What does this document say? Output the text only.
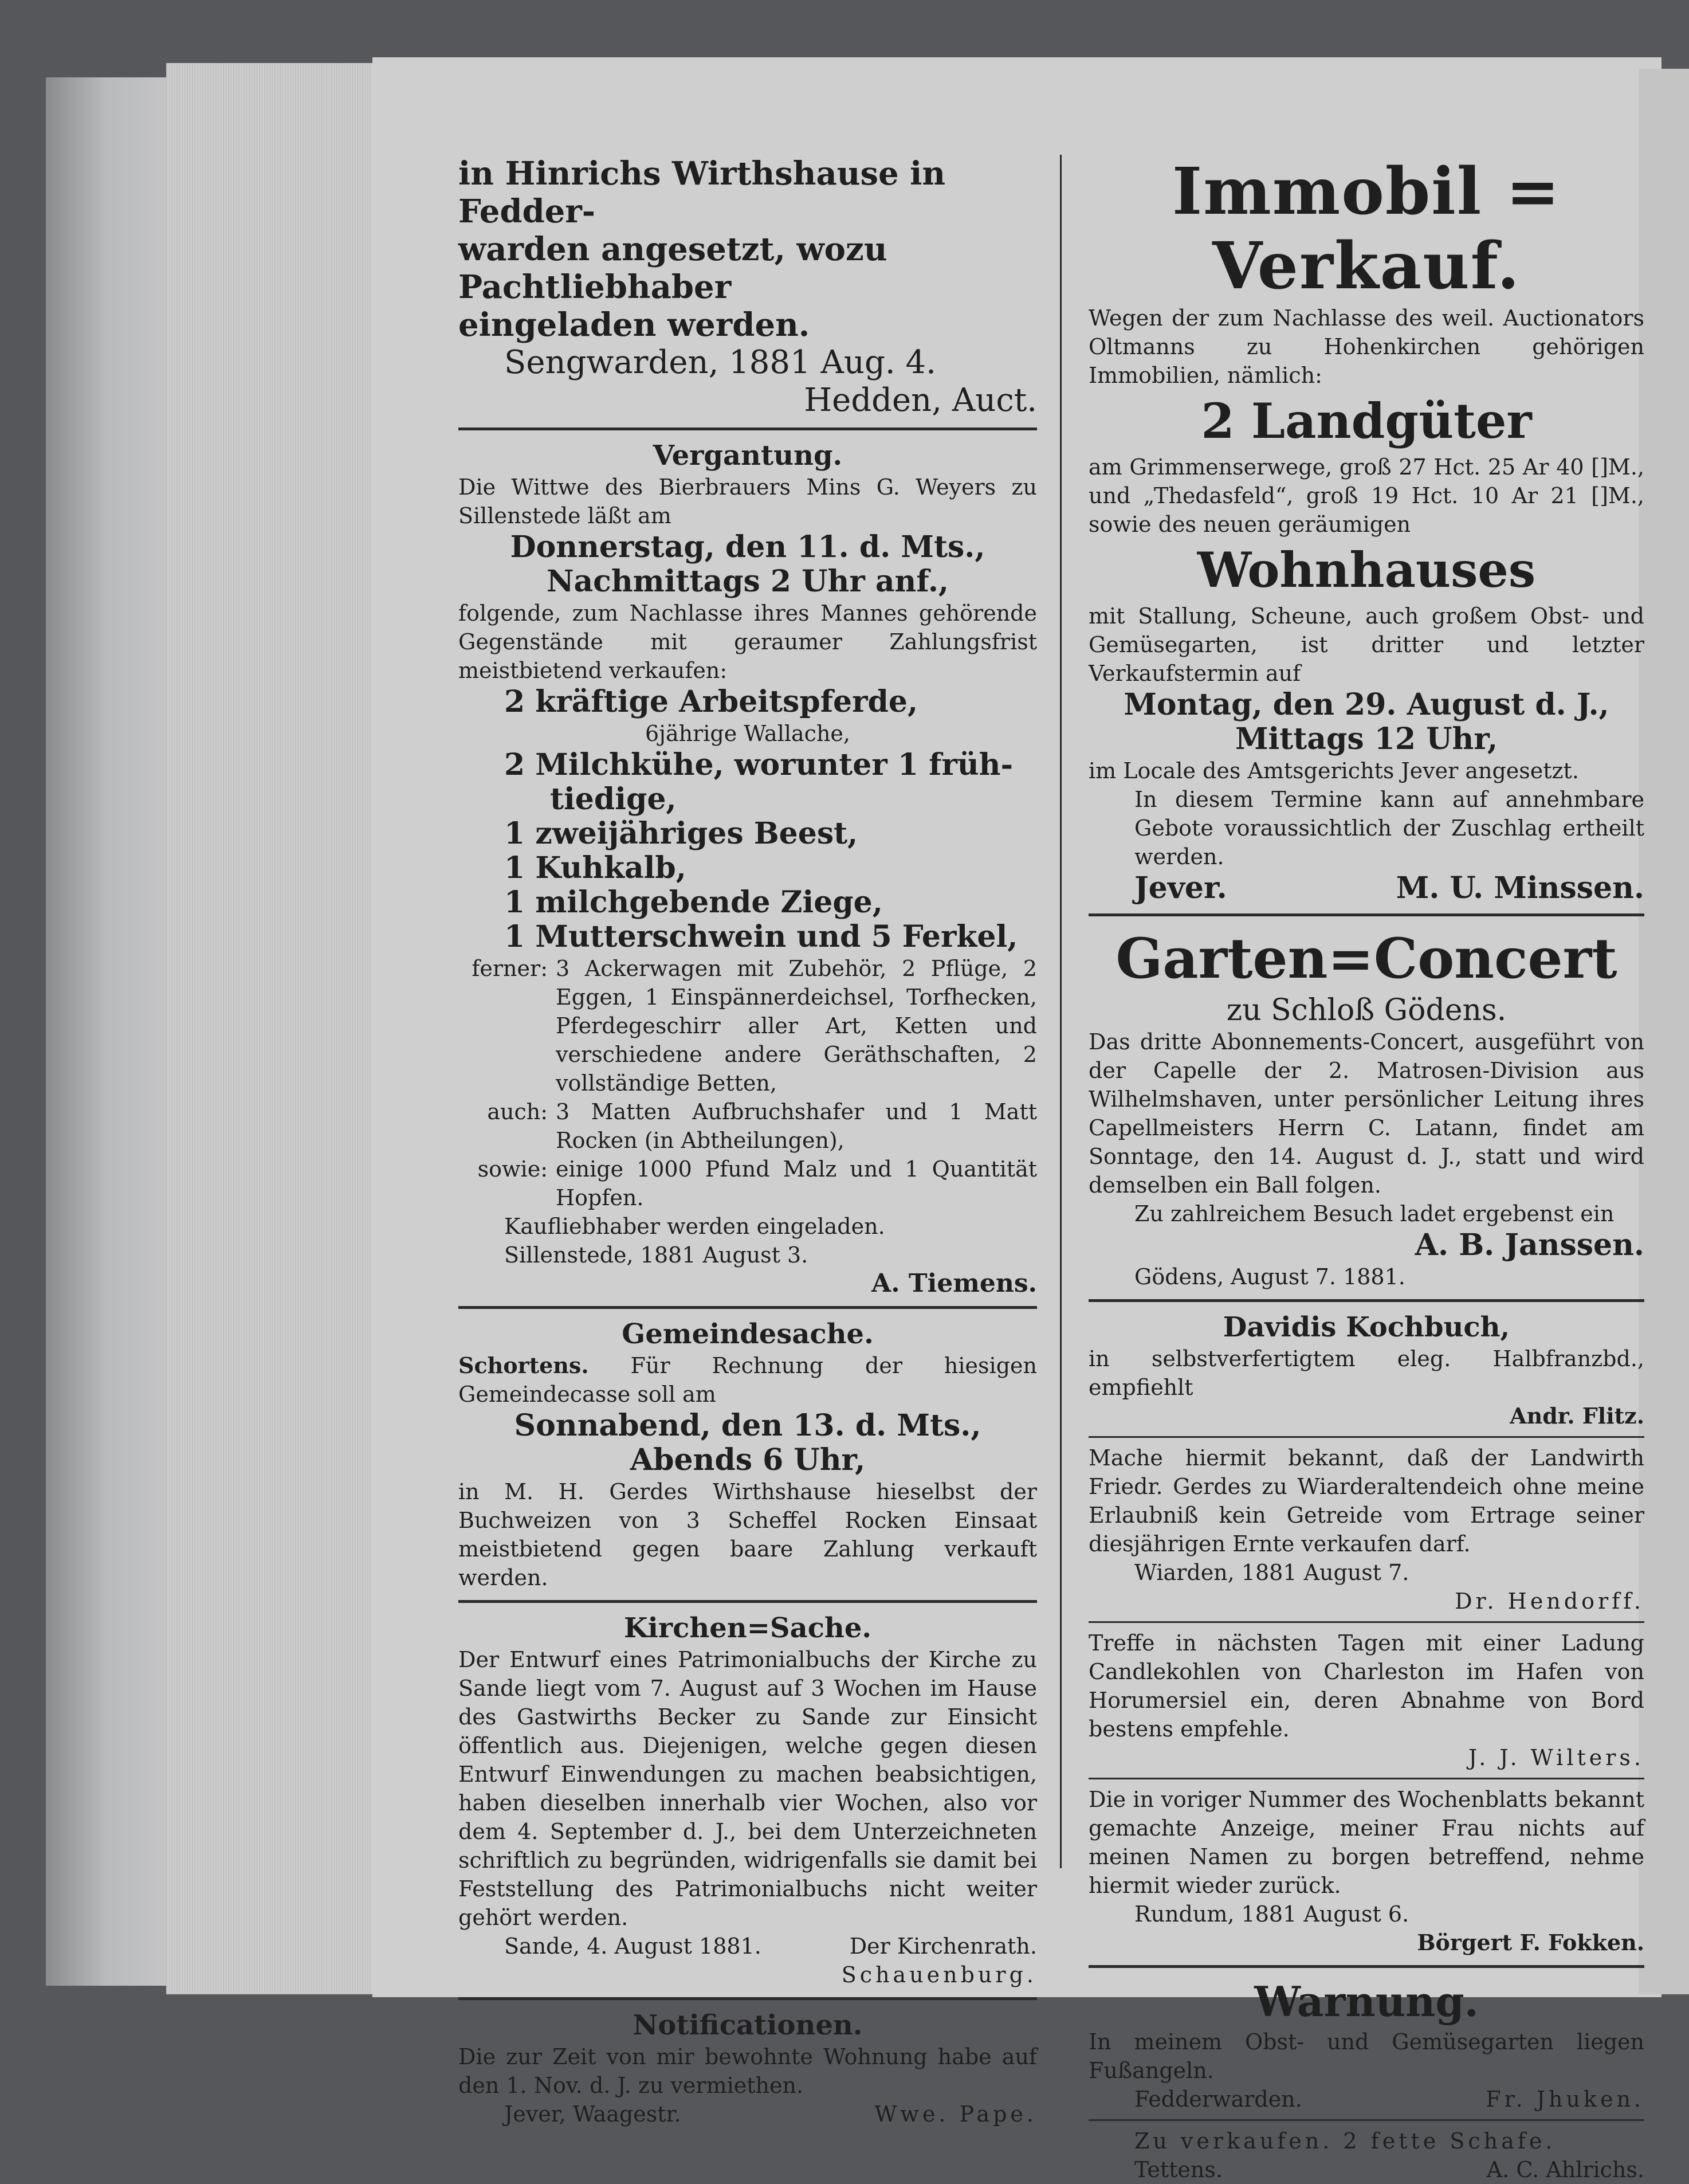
in Hinrichs Wirthshause in Fedder-
warden angesetzt, wozu Pachtliebhaber
eingeladen werden.
Sengwarden, 1881 Aug. 4.
Hedden, Auct.
Vergantung.
Die Wittwe des Bierbrauers Mins G. Weyers zu Sillenstede läßt am
Donnerstag, den 11. d. Mts.,
Nachmittags 2 Uhr anf.,
folgende, zum Nachlasse ihres Mannes gehörende Gegenstände mit geraumer Zahlungsfrist meistbietend verkaufen:
2 kräftige Arbeitspferde,
6jährige Wallache,
2 Milchkühe, worunter 1 früh-
tiedige,
1 zweijähriges Beest,
1 Kuhkalb,
1 milchgebende Ziege,
1 Mutterschwein und 5 Ferkel,
ferner: 3 Ackerwagen mit Zubehör, 2 Pflüge, 2 Eggen, 1 Einspännerdeichsel, Torfhecken, Pferdegeschirr aller Art, Ketten und verschiedene andere Geräthschaften, 2 vollständige Betten,
auch: 3 Matten Aufbruchshafer und 1 Matt Rocken (in Abtheilungen),
sowie: einige 1000 Pfund Malz und 1 Quantität Hopfen.
Kaufliebhaber werden eingeladen.
Sillenstede, 1881 August 3.
A. Tiemens.
Gemeindesache.
Schortens. Für Rechnung der hiesigen Gemeindecasse soll am
Sonnabend, den 13. d. Mts.,
Abends 6 Uhr,
in M. H. Gerdes Wirthshause hieselbst der Buchweizen von 3 Scheffel Rocken Einsaat meistbietend gegen baare Zahlung verkauft werden.
Kirchen=Sache.
Der Entwurf eines Patrimonialbuchs der Kirche zu Sande liegt vom 7. August auf 3 Wochen im Hause des Gastwirths Becker zu Sande zur Einsicht öffentlich aus. Diejenigen, welche gegen diesen Entwurf Einwendungen zu machen beabsichtigen, haben dieselben innerhalb vier Wochen, also vor dem 4. September d. J., bei dem Unterzeichneten schriftlich zu begründen, widrigenfalls sie damit bei Feststellung des Patrimonialbuchs nicht weiter gehört werden.
Sande, 4. August 1881.	Der Kirchenrath.
Schauenburg.
Notificationen.
Die zur Zeit von mir bewohnte Wohnung habe auf den 1. Nov. d. J. zu vermiethen.
Jever, Waagestr.	Wwe. Pape.
Immobil = Verkauf.
Wegen der zum Nachlasse des weil. Auctionators Oltmanns zu Hohenkirchen gehörigen Immobilien, nämlich:
2 Landgüter
am Grimmenserwege, groß 27 Hct. 25 Ar 40 []M., und „Thedasfeld“, groß 19 Hct. 10 Ar 21 []M., sowie des neuen geräumigen
Wohnhauses
mit Stallung, Scheune, auch großem Obst- und Gemüsegarten, ist dritter und letzter Verkaufstermin auf
Montag, den 29. August d. J.,
Mittags 12 Uhr,
im Locale des Amtsgerichts Jever angesetzt.
In diesem Termine kann auf annehmbare Gebote voraussichtlich der Zuschlag ertheilt werden.
Jever.	M. U. Minssen.
Garten=Concert
zu Schloß Gödens.
Das dritte Abonnements-Concert, ausgeführt von der Capelle der 2. Matrosen-Division aus Wilhelmshaven, unter persönlicher Leitung ihres Capellmeisters Herrn C. Latann, findet am Sonntage, den 14. August d. J., statt und wird demselben ein Ball folgen.
Zu zahlreichem Besuch ladet ergebenst ein
A. B. Janssen.
Gödens, August 7. 1881.
Davidis Kochbuch,
in selbstverfertigtem eleg. Halbfranzbd., empfiehlt
Andr. Flitz.
Mache hiermit bekannt, daß der Landwirth Friedr. Gerdes zu Wiarderaltendeich ohne meine Erlaubniß kein Getreide vom Ertrage seiner diesjährigen Ernte verkaufen darf.
Wiarden, 1881 August 7.
Dr. Hendorff.
Treffe in nächsten Tagen mit einer Ladung Candlekohlen von Charleston im Hafen von Horumersiel ein, deren Abnahme von Bord bestens empfehle.
J. J. Wilters.
Die in voriger Nummer des Wochenblatts bekannt gemachte Anzeige, meiner Frau nichts auf meinen Namen zu borgen betreffend, nehme hiermit wieder zurück.
Rundum, 1881 August 6.
Börgert F. Fokken.
Warnung.
In meinem Obst- und Gemüsegarten liegen Fußangeln.
Fedderwarden.	Fr. Jhuken.
Zu verkaufen. 2 fette Schafe.
Tettens.	A. C. Ahlrichs.
